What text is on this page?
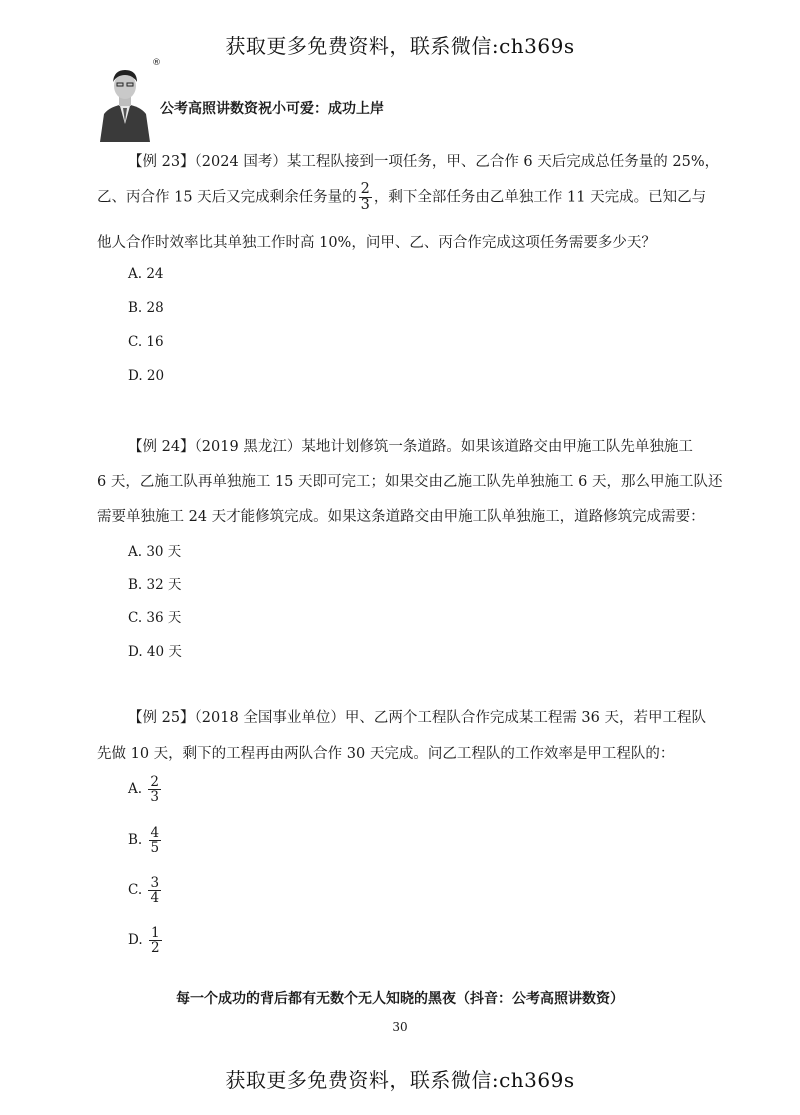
获取更多免费资料，联系微信:ch369s
®
公考高照讲数资祝小可爱：成功上岸
【例 23】（2024 国考）某工程队接到一项任务，甲、乙合作 6 天后完成总任务量的 25%，
乙、丙合作 15 天后又完成剩余任务量的 $\frac{2}{3}$ ，剩下全部任务由乙单独工作 11 天完成。已知乙与
他人合作时效率比其单独工作时高 10%，问甲、乙、丙合作完成这项任务需要多少天？
A. 24
B. 28
C. 16
D. 20
【例 24】（2019 黑龙江）某地计划修筑一条道路。如果该道路交由甲施工队先单独施工
6 天，乙施工队再单独施工 15 天即可完工；如果交由乙施工队先单独施工 6 天，那么甲施工队还
需要单独施工 24 天才能修筑完成。如果这条道路交由甲施工队单独施工，道路修筑完成需要：
A. 30 天
B. 32 天
C. 36 天
D. 40 天
【例 25】（2018 全国事业单位）甲、乙两个工程队合作完成某工程需 36 天，若甲工程队
先做 10 天，剩下的工程再由两队合作 30 天完成。问乙工程队的工作效率是甲工程队的：
A. $\frac{2}{3}$
B. $\frac{4}{5}$
C. $\frac{3}{4}$
D. $\frac{1}{2}$
每一个成功的背后都有无数个无人知晓的黑夜（抖音：公考高照讲数资）
30
获取更多免费资料，联系微信:ch369s
